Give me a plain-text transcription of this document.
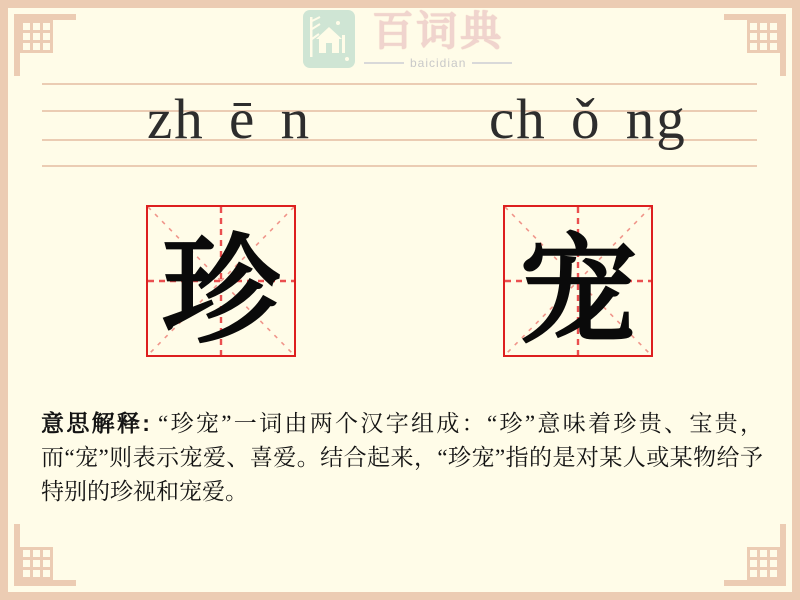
百词典
baicidian
zh ē n	ch ǒ ng
珍 宠
意思解释: “珍宠”一词由两个汉字组成：“珍”意味着珍贵、宝贵，而“宠”则表示宠爱、喜爱。结合起来，“珍宠”指的是对某人或某物给予特别的珍视和宠爱。
